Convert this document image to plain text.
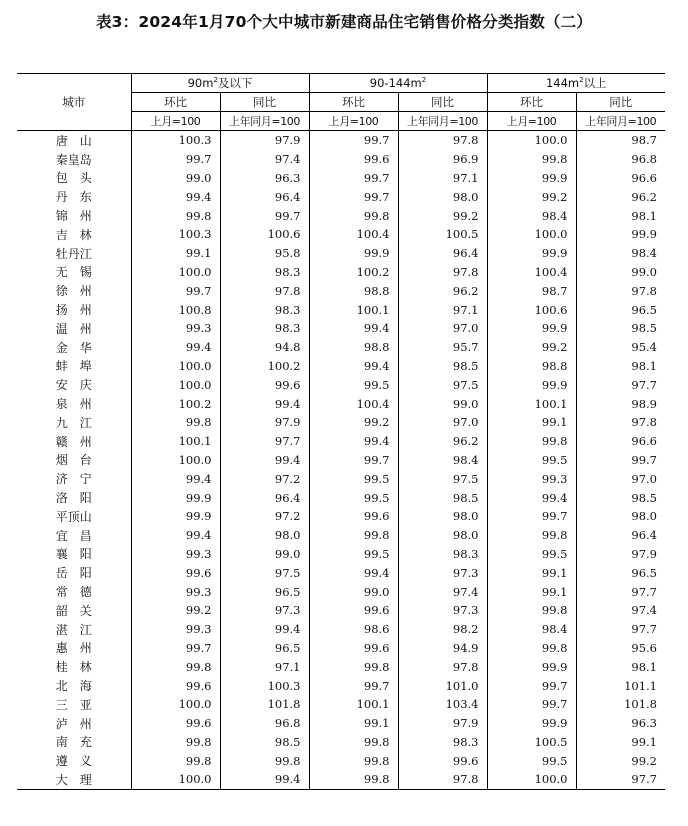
表3：2024年1月70个大中城市新建商品住宅销售价格分类指数（二）
城市	$90m^2$及以下		$90-144m^2$		$144m^2$以上	
	环比	同比	环比	同比	环比	同比
	上月=100	上年同月=100	上月=100	上年同月=100	上月=100	上年同月=100
唐　山	100.3	97.9	99.7	97.8	100.0	98.7
秦皇岛	99.7	97.4	99.6	96.9	99.8	96.8
包　头	99.0	96.3	99.7	97.1	99.9	96.6
丹　东	99.4	96.4	99.7	98.0	99.2	96.2
锦　州	99.8	99.7	99.8	99.2	98.4	98.1
吉　林	100.3	100.6	100.4	100.5	100.0	99.9
牡丹江	99.1	95.8	99.9	96.4	99.9	98.4
无　锡	100.0	98.3	100.2	97.8	100.4	99.0
徐　州	99.7	97.8	98.8	96.2	98.7	97.8
扬　州	100.8	98.3	100.1	97.1	100.6	96.5
温　州	99.3	98.3	99.4	97.0	99.9	98.5
金　华	99.4	94.8	98.8	95.7	99.2	95.4
蚌　埠	100.0	100.2	99.4	98.5	98.8	98.1
安　庆	100.0	99.6	99.5	97.5	99.9	97.7
泉　州	100.2	99.4	100.4	99.0	100.1	98.9
九　江	99.8	97.9	99.2	97.0	99.1	97.8
赣　州	100.1	97.7	99.4	96.2	99.8	96.6
烟　台	100.0	99.4	99.7	98.4	99.5	99.7
济　宁	99.4	97.2	99.5	97.5	99.3	97.0
洛　阳	99.9	96.4	99.5	98.5	99.4	98.5
平顶山	99.9	97.2	99.6	98.0	99.7	98.0
宜　昌	99.4	98.0	99.8	98.0	99.8	96.4
襄　阳	99.3	99.0	99.5	98.3	99.5	97.9
岳　阳	99.6	97.5	99.4	97.3	99.1	96.5
常　德	99.3	96.5	99.0	97.4	99.1	97.7
韶　关	99.2	97.3	99.6	97.3	99.8	97.4
湛　江	99.3	99.4	98.6	98.2	98.4	97.7
惠　州	99.7	96.5	99.6	94.9	99.8	95.6
桂　林	99.8	97.1	99.8	97.8	99.9	98.1
北　海	99.6	100.3	99.7	101.0	99.7	101.1
三　亚	100.0	101.8	100.1	103.4	99.7	101.8
泸　州	99.6	96.8	99.1	97.9	99.9	96.3
南　充	99.8	98.5	99.8	98.3	100.5	99.1
遵　义	99.8	99.8	99.8	99.6	99.5	99.2
大　理	100.0	99.4	99.8	97.8	100.0	97.7
